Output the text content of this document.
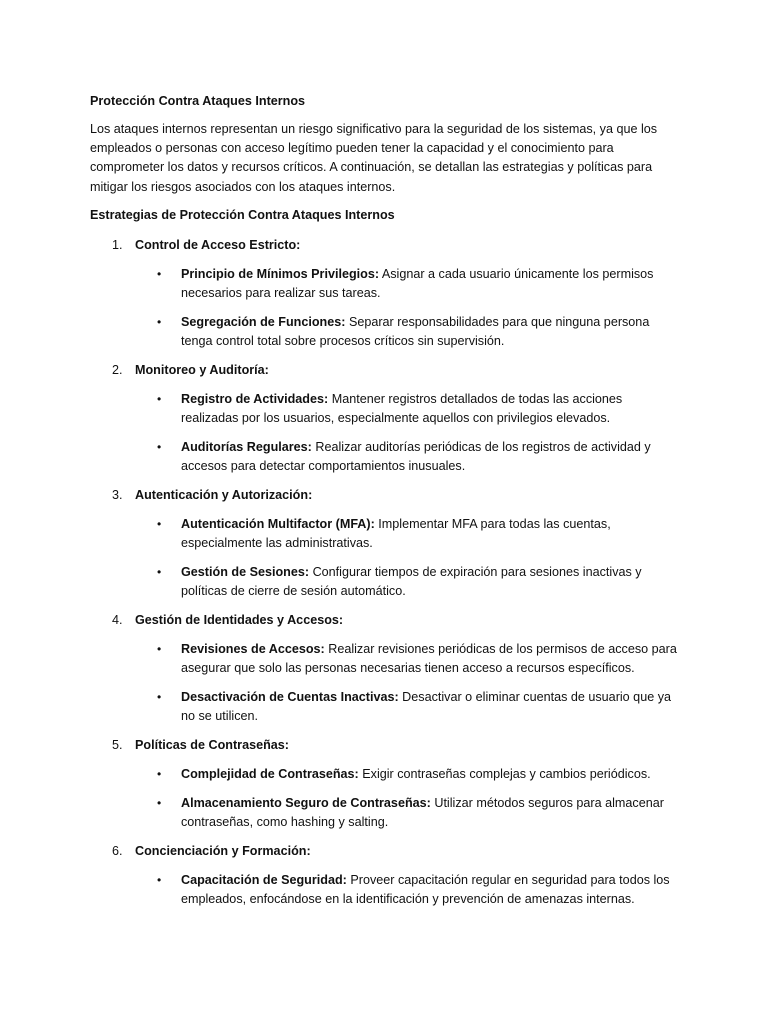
Protección Contra Ataques Internos

Los ataques internos representan un riesgo significativo para la seguridad de los sistemas, ya que los empleados o personas con acceso legítimo pueden tener la capacidad y el conocimiento para comprometer los datos y recursos críticos. A continuación, se detallan las estrategias y políticas para mitigar los riesgos asociados con los ataques internos.

Estrategias de Protección Contra Ataques Internos
1. Control de Acceso Estricto:
• Principio de Mínimos Privilegios: Asignar a cada usuario únicamente los permisos necesarios para realizar sus tareas.
• Segregación de Funciones: Separar responsabilidades para que ninguna persona tenga control total sobre procesos críticos sin supervisión.
2. Monitoreo y Auditoría:
• Registro de Actividades: Mantener registros detallados de todas las acciones realizadas por los usuarios, especialmente aquellos con privilegios elevados.
• Auditorías Regulares: Realizar auditorías periódicas de los registros de actividad y accesos para detectar comportamientos inusuales.
3. Autenticación y Autorización:
• Autenticación Multifactor (MFA): Implementar MFA para todas las cuentas, especialmente las administrativas.
• Gestión de Sesiones: Configurar tiempos de expiración para sesiones inactivas y políticas de cierre de sesión automático.
4. Gestión de Identidades y Accesos:
• Revisiones de Accesos: Realizar revisiones periódicas de los permisos de acceso para asegurar que solo las personas necesarias tienen acceso a recursos específicos.
• Desactivación de Cuentas Inactivas: Desactivar o eliminar cuentas de usuario que ya no se utilicen.
5. Políticas de Contraseñas:
• Complejidad de Contraseñas: Exigir contraseñas complejas y cambios periódicos.
• Almacenamiento Seguro de Contraseñas: Utilizar métodos seguros para almacenar contraseñas, como hashing y salting.
6. Concienciación y Formación:
• Capacitación de Seguridad: Proveer capacitación regular en seguridad para todos los empleados, enfocándose en la identificación y prevención de amenazas internas.
